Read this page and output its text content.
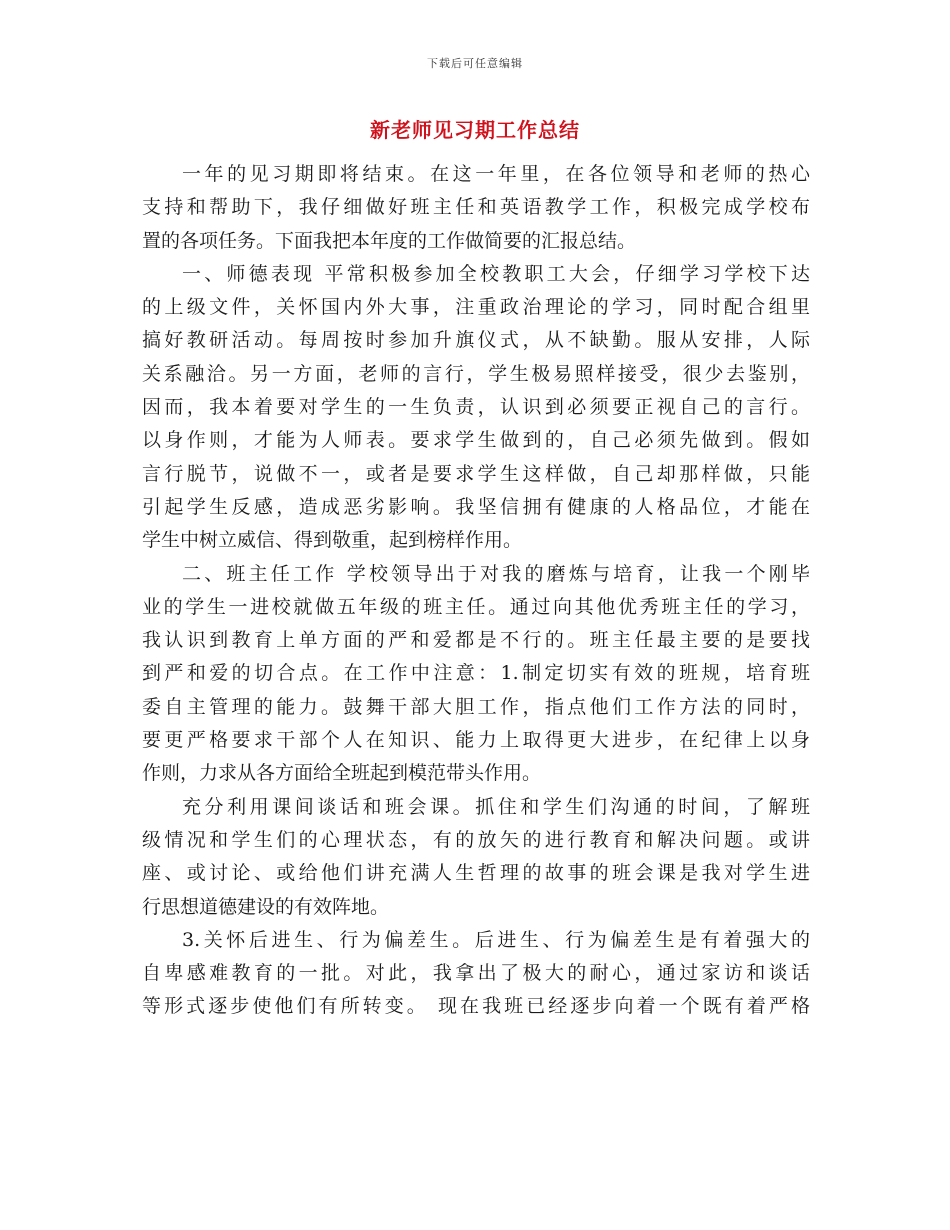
下载后可任意编辑
新老师见习期工作总结
一年的见习期即将结束。在这一年里，在各位领导和老师的热心
支持和帮助下，我仔细做好班主任和英语教学工作，积极完成学校布
置的各项任务。下面我把本年度的工作做简要的汇报总结。
一、师德表现 平常积极参加全校教职工大会，仔细学习学校下达
的上级文件，关怀国内外大事，注重政治理论的学习，同时配合组里
搞好教研活动。每周按时参加升旗仪式，从不缺勤。服从安排，人际
关系融洽。另一方面，老师的言行，学生极易照样接受，很少去鉴别，
因而，我本着要对学生的一生负责，认识到必须要正视自己的言行。
以身作则，才能为人师表。要求学生做到的，自己必须先做到。假如
言行脱节，说做不一，或者是要求学生这样做，自己却那样做，只能
引起学生反感，造成恶劣影响。我坚信拥有健康的人格品位，才能在
学生中树立威信、得到敬重，起到榜样作用。
二、班主任工作 学校领导出于对我的磨炼与培育，让我一个刚毕
业的学生一进校就做五年级的班主任。通过向其他优秀班主任的学习，
我认识到教育上单方面的严和爱都是不行的。班主任最主要的是要找
到严和爱的切合点。在工作中注意：1.制定切实有效的班规，培育班
委自主管理的能力。鼓舞干部大胆工作，指点他们工作方法的同时，
要更严格要求干部个人在知识、能力上取得更大进步，在纪律上以身
作则，力求从各方面给全班起到模范带头作用。
充分利用课间谈话和班会课。抓住和学生们沟通的时间，了解班
级情况和学生们的心理状态，有的放矢的进行教育和解决问题。或讲
座、或讨论、或给他们讲充满人生哲理的故事的班会课是我对学生进
行思想道德建设的有效阵地。
3.关怀后进生、行为偏差生。后进生、行为偏差生是有着强大的
自卑感难教育的一批。对此，我拿出了极大的耐心，通过家访和谈话
等形式逐步使他们有所转变。 现在我班已经逐步向着一个既有着严格
